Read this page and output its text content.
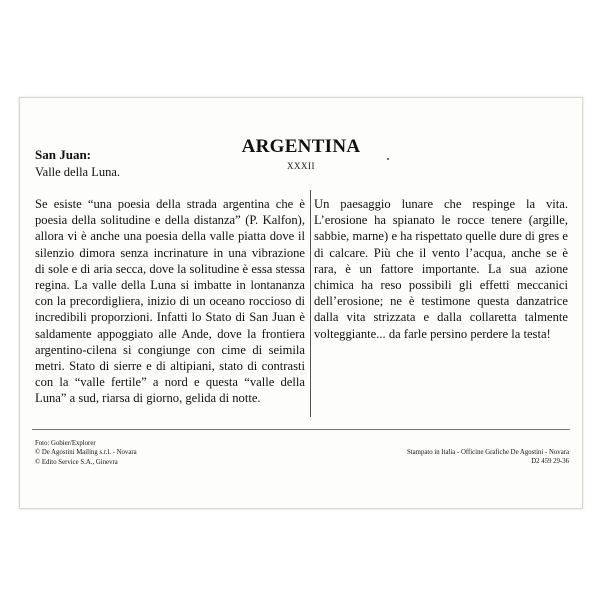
ARGENTINA
XXXII
San Juan:
Valle della Luna.
Se esiste “una poesia della strada argentina che è poesia della solitudine e della distanza” (P. Kalfon), allora vi è anche una poesia della valle piatta dove il silenzio dimora senza incrinature in una vibrazione di sole e di aria secca, dove la solitudine è essa stessa regina. La valle della Luna si imbatte in lontananza con la precordigliera, inizio di un oceano roccioso di incredibili proporzioni. Infatti lo Stato di San Juan è saldamente appoggiato alle Ande, dove la frontiera argentino-cilena si congiunge con cime di seimila metri. Stato di sierre e di altipiani, stato di contrasti con la “valle fertile” a nord e questa “valle della Luna” a sud, riarsa di giorno, gelida di notte.
Un paesaggio lunare che respinge la vita. L’erosione ha spianato le rocce tenere (argille, sabbie, marne) e ha rispettato quelle dure di gres e di calcare. Più che il vento l’acqua, anche se è rara, è un fattore importante. La sua azione chimica ha reso possibili gli effetti meccanici dell’erosione; ne è testimone questa danzatrice dalla vita strizzata e dalla collaretta talmente volteggiante... da farle persino perdere la testa!
Foto: Gobier/Explorer
© De Agostini Mailing s.r.l. - Novara
© Edito Service S.A., Ginevra
Stampato in Italia - Officine Grafiche De Agostini - Novara
D2 459 29-36
